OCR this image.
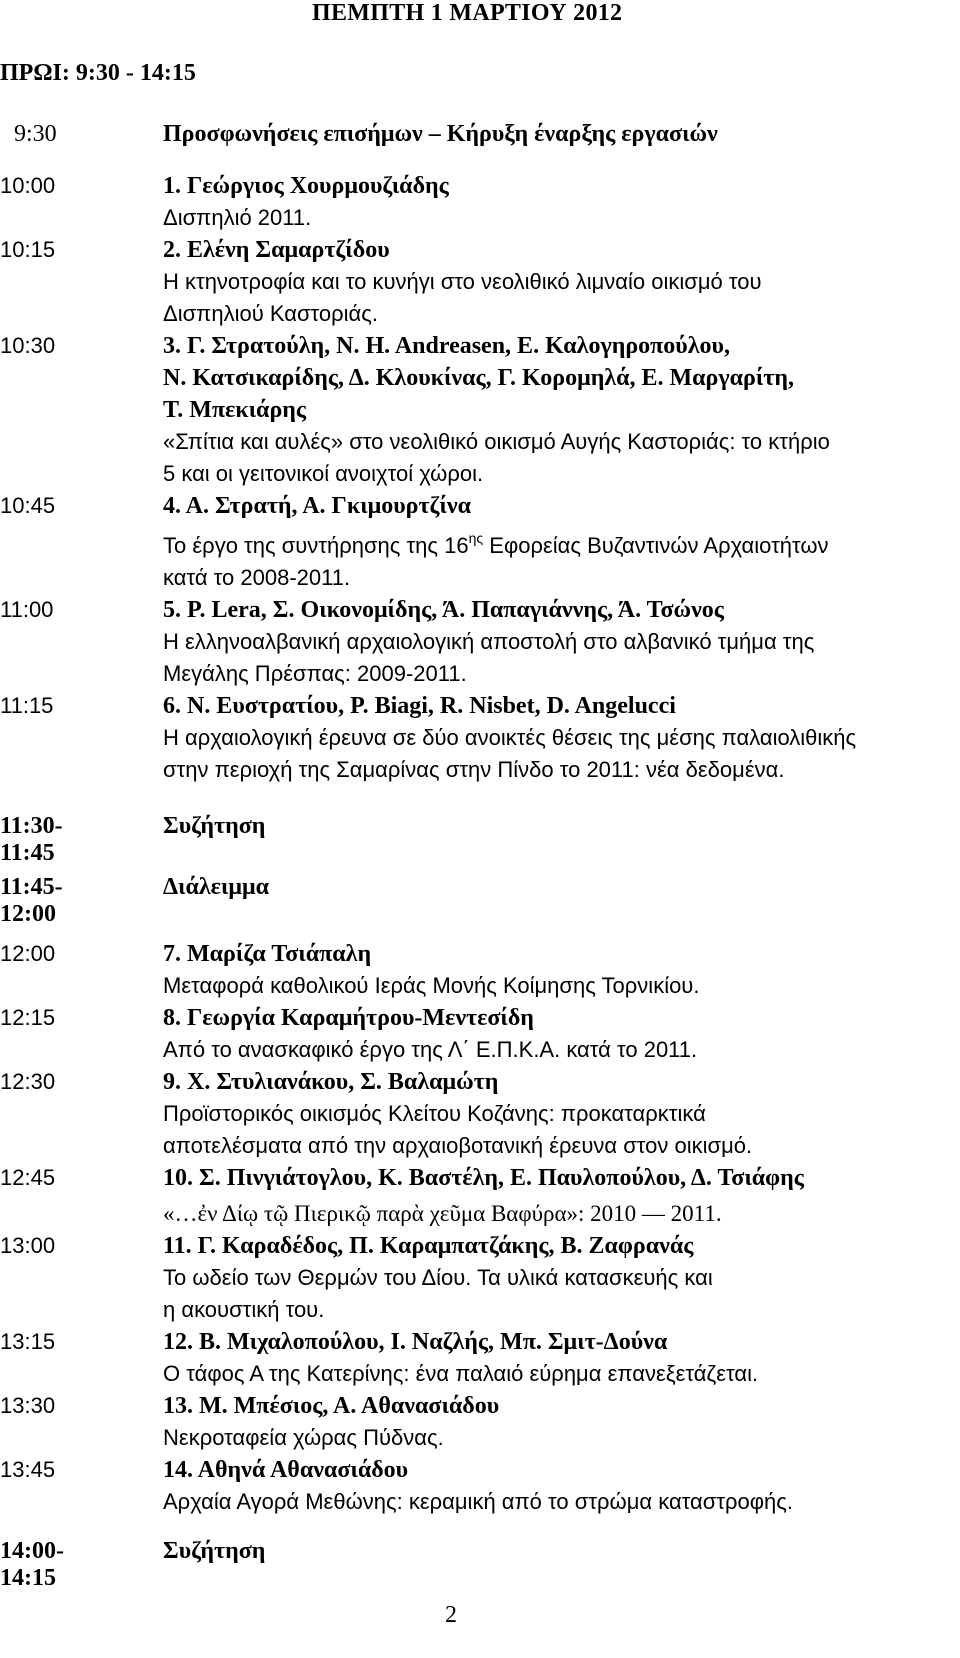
ΠΕΜΠΤΗ 1 ΜΑΡΤΙΟΥ 2012
ΠΡΩΙ: 9:30 - 14:15
9:30	Προσφωνήσεις επισήμων – Κήρυξη έναρξης εργασιών
10:00	1. Γεώργιος Χουρμουζιάδης
Δισπηλιό 2011.
10:15	2. Ελένη Σαμαρτζίδου
Η κτηνοτροφία και το κυνήγι στο νεολιθικό λιμναίο οικισμό του
Δισπηλιού Καστοριάς.
10:30	3. Γ. Στρατούλη, N. H. Andreasen, Ε. Καλογηροπούλου,
Ν. Κατσικαρίδης, Δ. Κλουκίνας, Γ. Κορομηλά, Ε. Μαργαρίτη,
Τ. Μπεκιάρης
«Σπίτια και αυλές» στο νεολιθικό οικισμό Αυγής Καστοριάς: το κτήριο
5 και οι γειτονικοί ανοιχτοί χώροι.
10:45	4. Α. Στρατή, Α. Γκιμουρτζίνα
Το έργο της συντήρησης της $16^{\eta\varsigma}$ Εφορείας Βυζαντινών Αρχαιοτήτων
κατά το 2008-2011.
11:00	5. Ρ. Lera, Σ. Οικονομίδης, Ά. Παπαγιάννης, Ά. Τσώνος
Η ελληνοαλβανική αρχαιολογική αποστολή στο αλβανικό τμήμα της
Μεγάλης Πρέσπας: 2009-2011.
11:15	6. Ν. Ευστρατίου, P. Biagi, R. Nisbet, D. Angelucci
Η αρχαιολογική έρευνα σε δύο ανοικτές θέσεις της μέσης παλαιολιθικής
στην περιοχή της Σαμαρίνας στην Πίνδο το 2011: νέα δεδομένα.
11:30-11:45
Συζήτηση
11:45-12:00
Διάλειμμα
12:00	7. Μαρίζα Τσιάπαλη
Μεταφορά καθολικού Ιεράς Μονής Κοίμησης Τορνικίου.
12:15	8. Γεωργία Καραμήτρου-Μεντεσίδη
Από το ανασκαφικό έργο της Λ΄ Ε.Π.Κ.Α. κατά το 2011.
12:30	9. Χ. Στυλιανάκου, Σ. Βαλαμώτη
Προϊστορικός οικισμός Κλείτου Κοζάνης: προκαταρκτικά
αποτελέσματα από την αρχαιοβοτανική έρευνα στον οικισμό.
12:45	10. Σ. Πινγιάτογλου, Κ. Βαστέλη, Ε. Παυλοπούλου, Δ. Τσιάφης
«…ἐν Δίῳ τῷ Πιερικῷ παρὰ χεῦμα Βαφύρα»: 2010 — 2011.
13:00	11. Γ. Καραδέδος, Π. Καραμπατζάκης, Β. Ζαφρανάς
Το ωδείο των Θερμών του Δίου. Τα υλικά κατασκευής και
η ακουστική του.
13:15	12. Β. Μιχαλοπούλου, Ι. Ναζλής, Μπ. Σμιτ-Δούνα
Ο τάφος Α της Κατερίνης: ένα παλαιό εύρημα επανεξετάζεται.
13:30	13. Μ. Μπέσιος, Α. Αθανασιάδου
Νεκροταφεία χώρας Πύδνας.
13:45	14. Αθηνά Αθανασιάδου
Αρχαία Αγορά Μεθώνης: κεραμική από το στρώμα καταστροφής.
14:00-14:15
Συζήτηση
2
